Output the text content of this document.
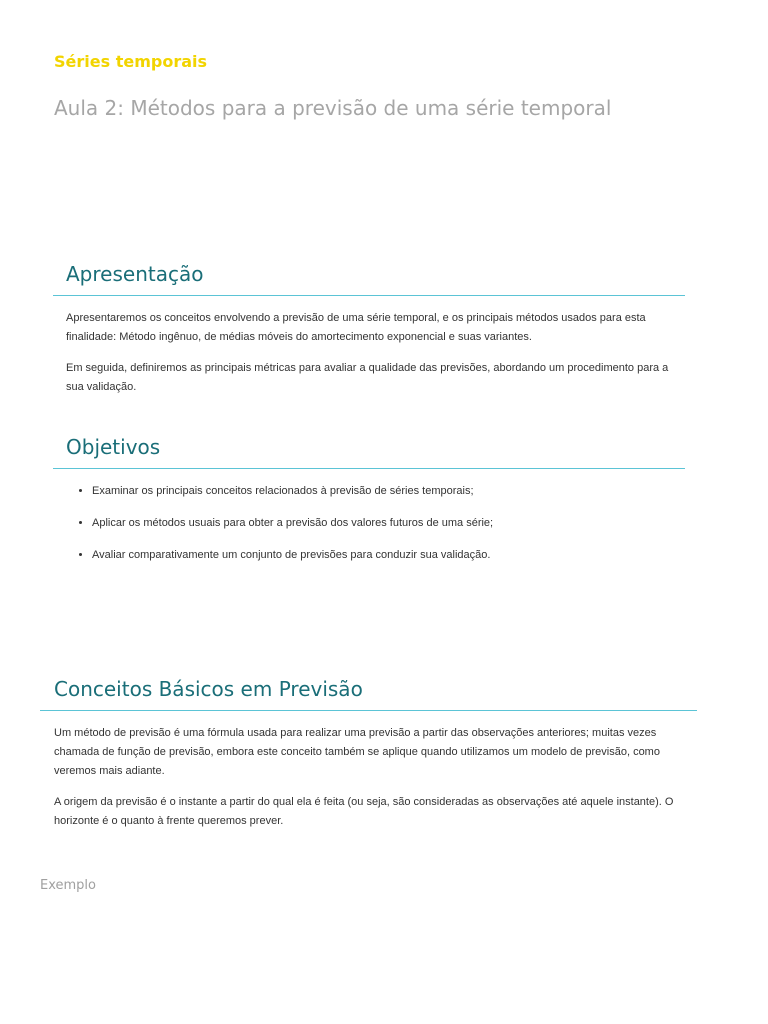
Séries temporais
Aula 2: Métodos para a previsão de uma série temporal
Apresentação

Apresentaremos os conceitos envolvendo a previsão de uma série temporal, e os principais métodos usados para esta finalidade: Método ingênuo, de médias móveis do amortecimento exponencial e suas variantes.

Em seguida, definiremos as principais métricas para avaliar a qualidade das previsões, abordando um procedimento para a sua validação.

Objetivos
• Examinar os principais conceitos relacionados à previsão de séries temporais;
• Aplicar os métodos usuais para obter a previsão dos valores futuros de uma série;
• Avaliar comparativamente um conjunto de previsões para conduzir sua validação.
Conceitos Básicos em Previsão

Um método de previsão é uma fórmula usada para realizar uma previsão a partir das observações anteriores; muitas vezes chamada de função de previsão, embora este conceito também se aplique quando utilizamos um modelo de previsão, como veremos mais adiante.

A origem da previsão é o instante a partir do qual ela é feita (ou seja, são consideradas as observações até aquele instante). O horizonte é o quanto à frente queremos prever.

Exemplo
